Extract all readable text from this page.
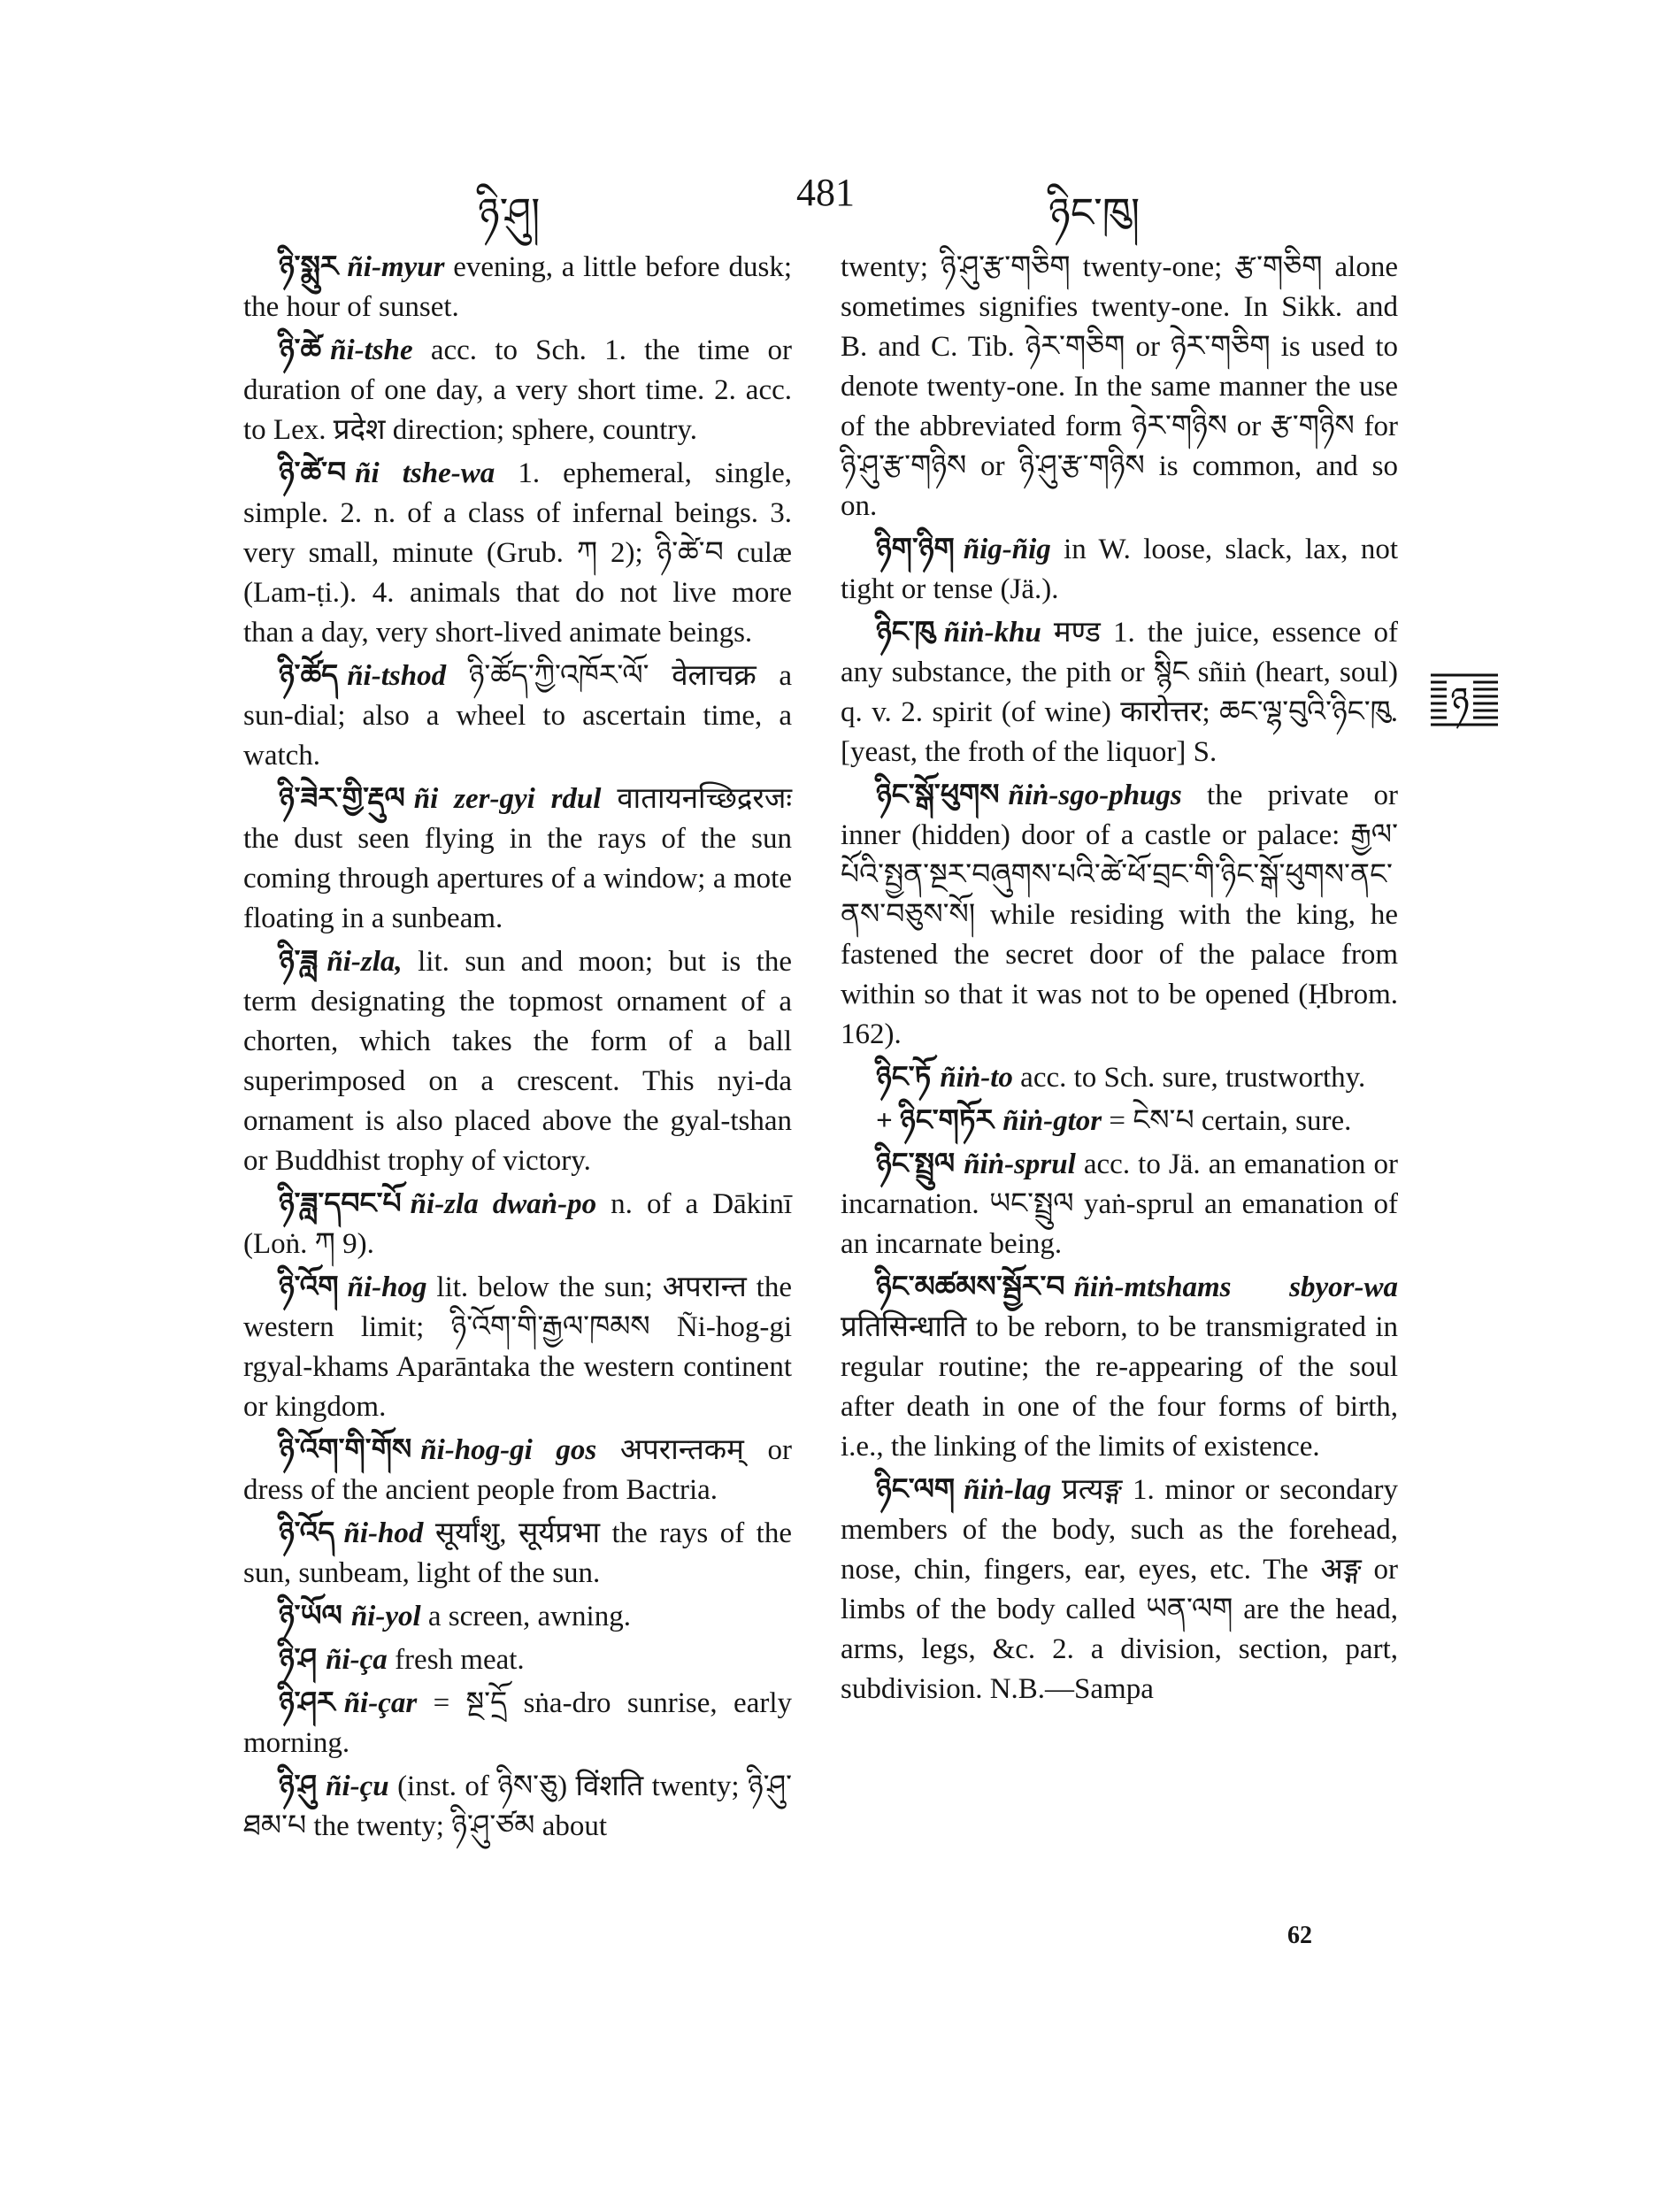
ཉི་ཤུ།	481	ཉིང་ཁུ།

ཉི་སྨུར ñi-myur evening, a little before dusk; the hour of sunset.

ཉི་ཚེ ñi-tshe acc. to Sch. 1. the time or duration of one day, a very short time. 2. acc. to Lex. प्रदेश direction; sphere, country.

ཉི་ཚེ་བ ñi tshe-wa 1. ephemeral, single, simple. 2. n. of a class of infernal beings. 3. very small, minute (Grub. ཀ 2); ཉི་ཚེ་བ culæ (Lam-ṭi.). 4. animals that do not live more than a day, very short-lived animate beings.

ཉི་ཚོད ñi-tshod ཉི་ཚོད་ཀྱི་འཁོར་ལོ་ वेलाचक्र a sun-dial; also a wheel to ascertain time, a watch.

ཉི་ཟེར་གྱི་རྡུལ ñi zer-gyi rdul वातायनच्छिद्ररजः the dust seen flying in the rays of the sun coming through apertures of a window; a mote floating in a sunbeam.

ཉི་ཟླ ñi-zla, lit. sun and moon; but is the term designating the topmost ornament of a chorten, which takes the form of a ball superimposed on a crescent. This nyi-da ornament is also placed above the gyal-tshan or Buddhist trophy of victory.

ཉི་ཟླ་དབང་པོ ñi-zla dwaṅ-po n. of a Dākinī (Loṅ. ཀ 9).

ཉི་འོག ñi-hog lit. below the sun; अपरान्त the western limit; ཉི་འོག་གི་རྒྱལ་ཁམས Ñi-hog-gi rgyal-khams Aparāntaka the western continent or kingdom.

ཉི་འོག་གི་གོས ñi-hog-gi gos अपरान्तकम् or dress of the ancient people from Bactria.

ཉི་འོད ñi-hod सूर्यांशु, सूर्यप्रभा the rays of the sun, sunbeam, light of the sun.

ཉི་ཡོལ ñi-yol a screen, awning.

ཉི་ཤ ñi-ça fresh meat.

ཉི་ཤར ñi-çar = སྔ་དྲོ sṅa-dro sunrise, early morning.

ཉི་ཤུ ñi-çu (inst. of ཉིས་ཅུ) विंशति twenty; ཉི་ཤུ་ཐམ་པ the twenty; ཉི་ཤུ་ཙམ about

twenty; ཉི་ཤུ་རྩ་གཅིག twenty-one; རྩ་གཅིག alone sometimes signifies twenty-one. In Sikk. and B. and C. Tib. ཉེར་གཅིག or ཉེར་གཅིག is used to denote twenty-one. In the same manner the use of the abbreviated form ཉེར་གཉིས or རྩ་གཉིས for ཉི་ཤུ་རྩ་གཉིས or ཉི་ཤུ་རྩ་གཉིས is common, and so on.

ཉིག་ཉིག ñig-ñig in W. loose, slack, lax, not tight or tense (Jä.).

ཉིང་ཁུ ñiṅ-khu मण्ड 1. the juice, essence of any substance, the pith or སྙིང sñiṅ (heart, soul) q. v. 2. spirit (of wine) कारोत्तर; ཆང་ལྷ་བུའི་ཉིང་ཁུ. [yeast, the froth of the liquor] S.

ཉིང་སྒོ་ཕུགས ñiṅ-sgo-phugs the private or inner (hidden) door of a castle or palace: རྒྱལ་པོའི་སྤྱན་སྔར་བཞུགས་པའི་ཚེ་ཕོ་བྲང་གི་ཉིང་སྒོ་ཕུགས་ནང་ནས་བཅུས་སོ། while residing with the king, he fastened the secret door of the palace from within so that it was not to be opened (Ḥbrom. 162).

ཉིང་ཏོ ñiṅ-to acc. to Sch. sure, trustworthy.

+ ཉིང་གཏོར ñiṅ-gtor = ངེས་པ certain, sure.

ཉིང་སྤྲུལ ñiṅ-sprul acc. to Jä. an emanation or incarnation. ཡང་སྤྲུལ yaṅ-sprul an emanation of an incarnate being.

ཉིང་མཚམས་སྦྱོར་བ ñiṅ-mtshams sbyor-wa प्रतिसिन्धाति to be reborn, to be transmigrated in regular routine; the re-appearing of the soul after death in one of the four forms of birth, i.e., the linking of the limits of existence.

ཉིང་ལག ñiṅ-lag प्रत्यङ्ग 1. minor or secondary members of the body, such as the forehead, nose, chin, fingers, ear, eyes, etc. The अङ्ग or limbs of the body called ཡན་ལག are the head, arms, legs, &c. 2. a division, section, part, subdivision. N.B.—Sampa

ཉ
62
